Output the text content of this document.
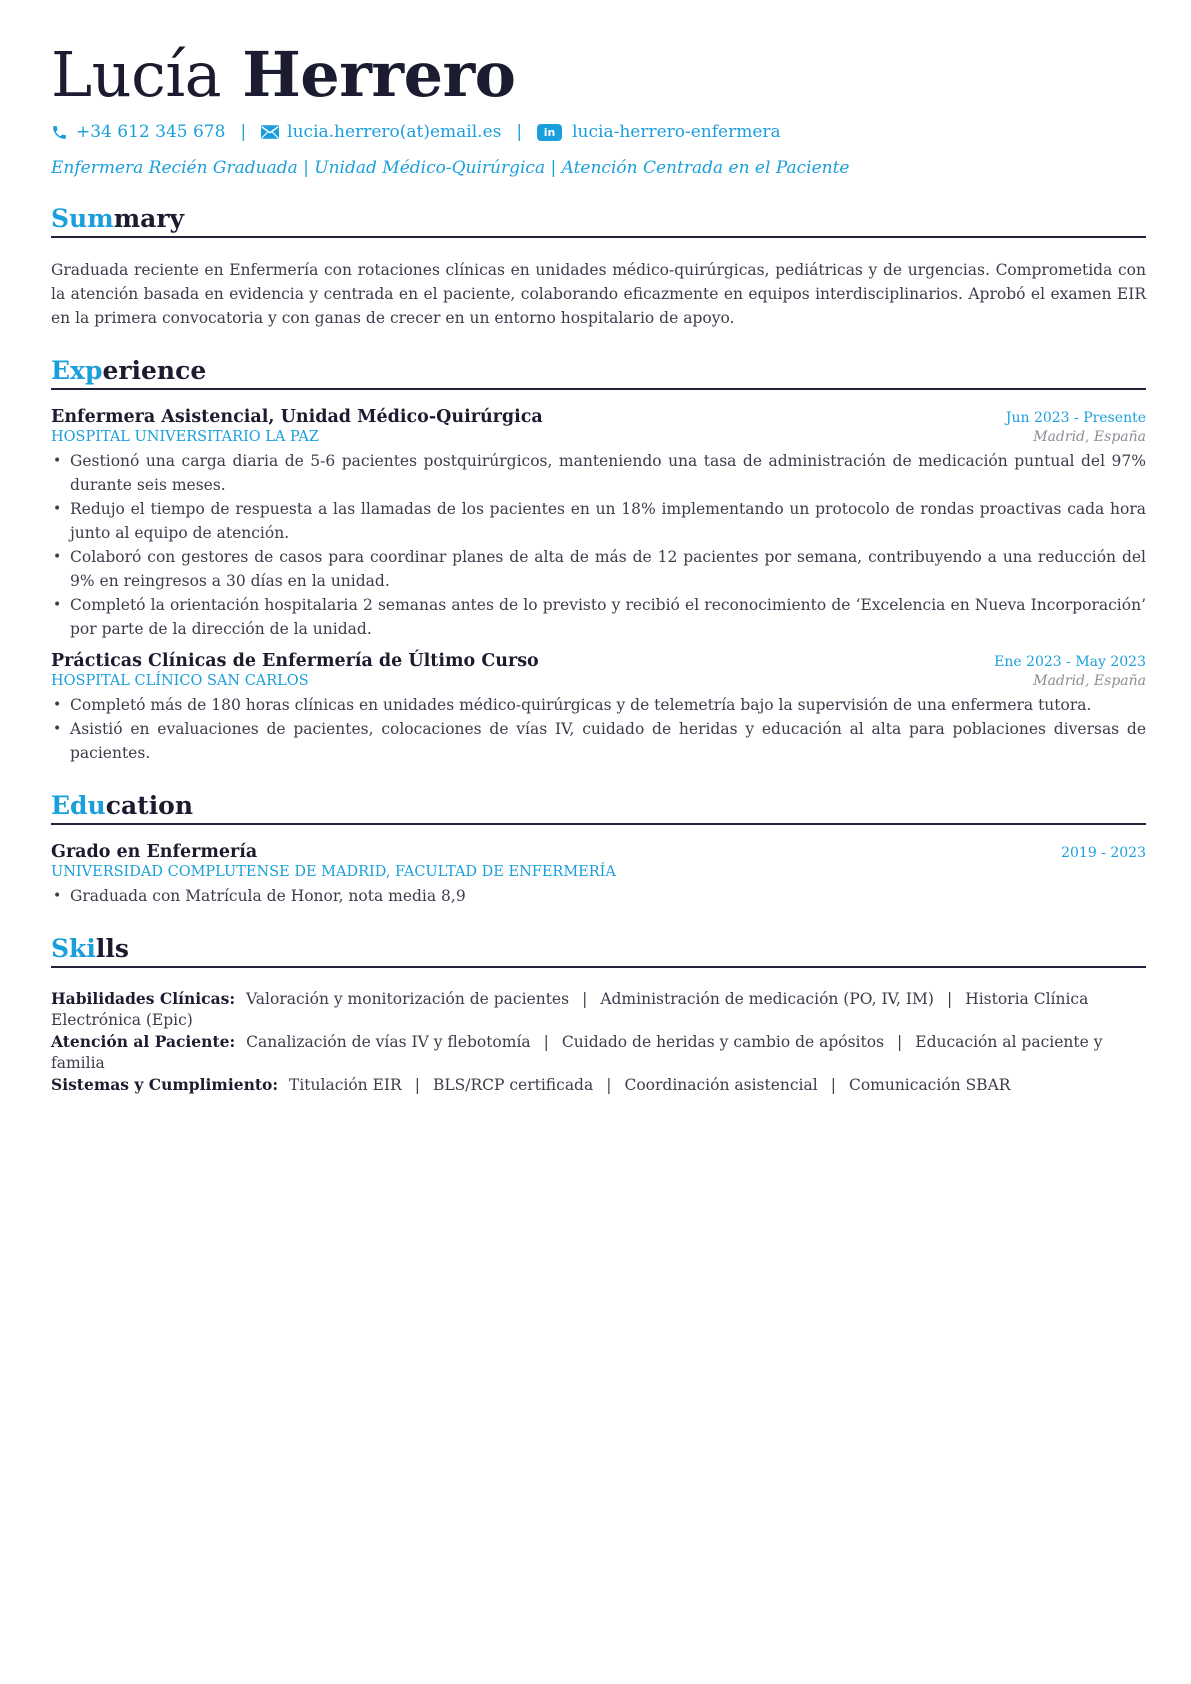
Lucía Herrero
+34 612 345 678 | lucia.herrero(at)email.es |	in lucia-herrero-enfermera
Enfermera Recién Graduada | Unidad Médico-Quirúrgica | Atención Centrada en el Paciente
Summary
Graduada reciente en Enfermería con rotaciones clínicas en unidades médico-quirúrgicas, pediátricas y de urgencias. Comprometida con la atención basada en evidencia y centrada en el paciente, colaborando eficazmente en equipos interdisciplinarios. Aprobó el examen EIR en la primera convocatoria y con ganas de crecer en un entorno hospitalario de apoyo.
Experience
Enfermera Asistencial, Unidad Médico-Quirúrgica	Jun 2023 - Presente
HOSPITAL UNIVERSITARIO LA PAZ	Madrid, España
• Gestionó una carga diaria de 5-6 pacientes postquirúrgicos, manteniendo una tasa de administración de medicación puntual del 97% durante seis meses.
• Redujo el tiempo de respuesta a las llamadas de los pacientes en un 18% implementando un protocolo de rondas proactivas cada hora junto al equipo de atención.
• Colaboró con gestores de casos para coordinar planes de alta de más de 12 pacientes por semana, contribuyendo a una reducción del 9% en reingresos a 30 días en la unidad.
• Completó la orientación hospitalaria 2 semanas antes de lo previsto y recibió el reconocimiento de ‘Excelencia en Nueva Incorporación’ por parte de la dirección de la unidad.
Prácticas Clínicas de Enfermería de Último Curso	Ene 2023 - May 2023
HOSPITAL CLÍNICO SAN CARLOS	Madrid, España
• Completó más de 180 horas clínicas en unidades médico-quirúrgicas y de telemetría bajo la supervisión de una enfermera tutora.
• Asistió en evaluaciones de pacientes, colocaciones de vías IV, cuidado de heridas y educación al alta para poblaciones diversas de pacientes.
Education
Grado en Enfermería	2019 - 2023
UNIVERSIDAD COMPLUTENSE DE MADRID, FACULTAD DE ENFERMERÍA
• Graduada con Matrícula de Honor, nota media 8,9
Skills
Habilidades Clínicas: Valoración y monitorización de pacientes | Administración de medicación (PO, IV, IM) | Historia Clínica Electrónica (Epic)
Atención al Paciente: Canalización de vías IV y flebotomía | Cuidado de heridas y cambio de apósitos | Educación al paciente y familia
Sistemas y Cumplimiento: Titulación EIR | BLS/RCP certificada | Coordinación asistencial | Comunicación SBAR
